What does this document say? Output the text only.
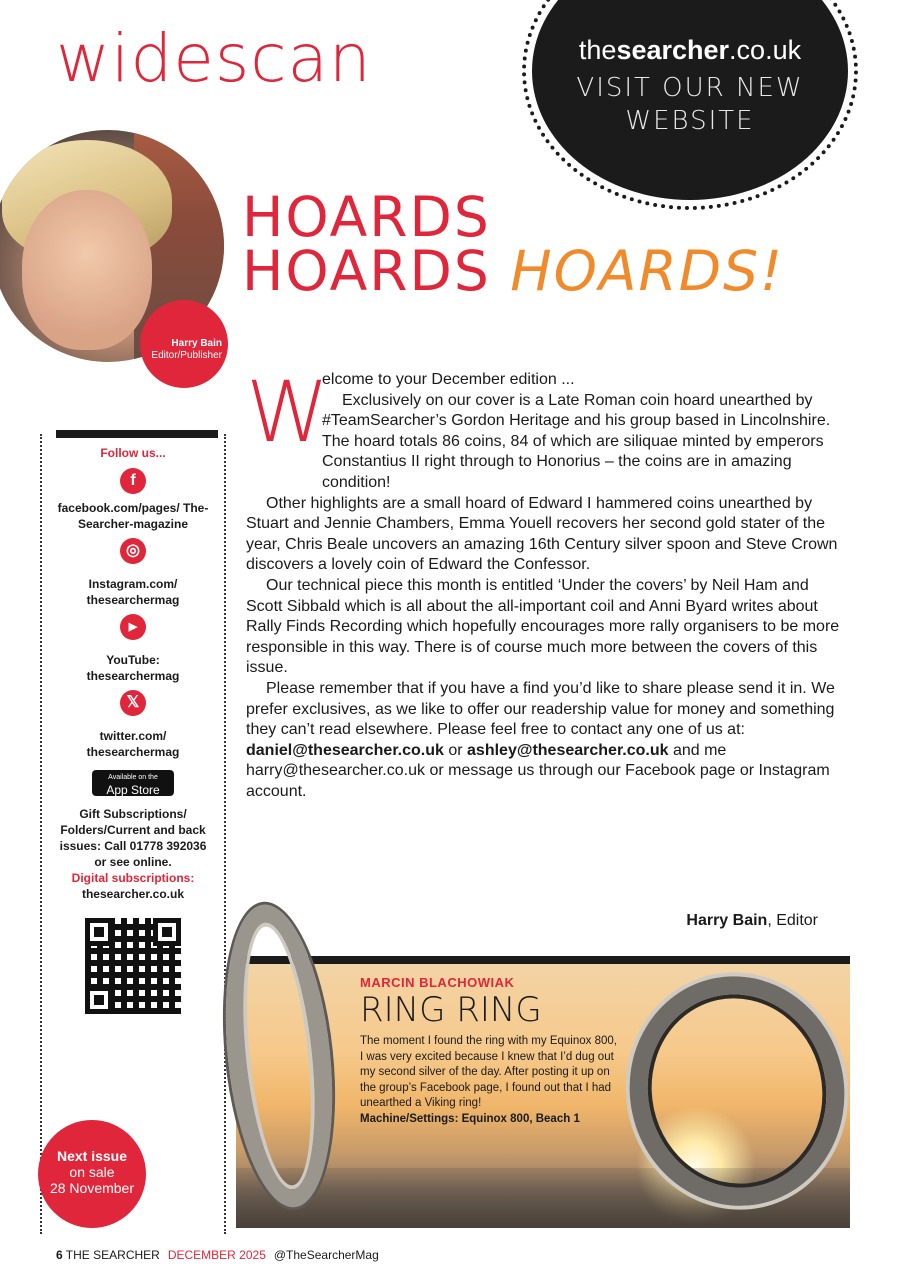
widescan	thesearcher.co.uk
VISIT OUR NEW
WEBSITE
Harry Bain
Editor/Publisher
HOARDS
HOARDS HOARDS!
W

elcome to your December edition ...

Exclusively on our cover is a Late Roman coin hoard unearthed by #TeamSearcher’s Gordon Heritage and his group based in Lincolnshire. The hoard totals 86 coins, 84 of which are siliquae minted by emperors Constantius II right through to Honorius – the coins are in amazing condition!

Other highlights are a small hoard of Edward I hammered coins unearthed by Stuart and Jennie Chambers, Emma Youell recovers her second gold stater of the year, Chris Beale uncovers an amazing 16th Century silver spoon and Steve Crown discovers a lovely coin of Edward the Confessor.

Our technical piece this month is entitled ‘Under the covers’ by Neil Ham and Scott Sibbald which is all about the all-important coil and Anni Byard writes about Rally Finds Recording which hopefully encourages more rally organisers to be more responsible in this way. There is of course much more between the covers of this issue.

Please remember that if you have a find you’d like to share please send it in. We prefer exclusives, as we like to offer our readership value for money and something they can’t read elsewhere. Please feel free to contact any one of us at: daniel@thesearcher.co.uk or ashley@thesearcher.co.uk and me harry@thesearcher.co.uk or message us through our Facebook page or Instagram account.

Harry Bain, Editor
Follow us...
f
facebook.com/pages/ The-Searcher-magazine
◎
Instagram.com/ thesearchermag
▶
YouTube: thesearchermag
𝕏
twitter.com/ thesearchermag
Available on the
App Store
Gift Subscriptions/ Folders/Current and back issues: Call 01778 392036 or see online.
Digital subscriptions:
thesearcher.co.uk
Next issue
on sale
28 November
MARCIN BLACHOWIAK
RING RING
The moment I found the ring with my Equinox 800, I was very excited because I knew that I’d dug out my second silver of the day. After posting it up on the group’s Facebook page, I found out that I had unearthed a Viking ring!
Machine/Settings: Equinox 800, Beach 1
6 THE SEARCHER DECEMBER 2025 @TheSearcherMag
